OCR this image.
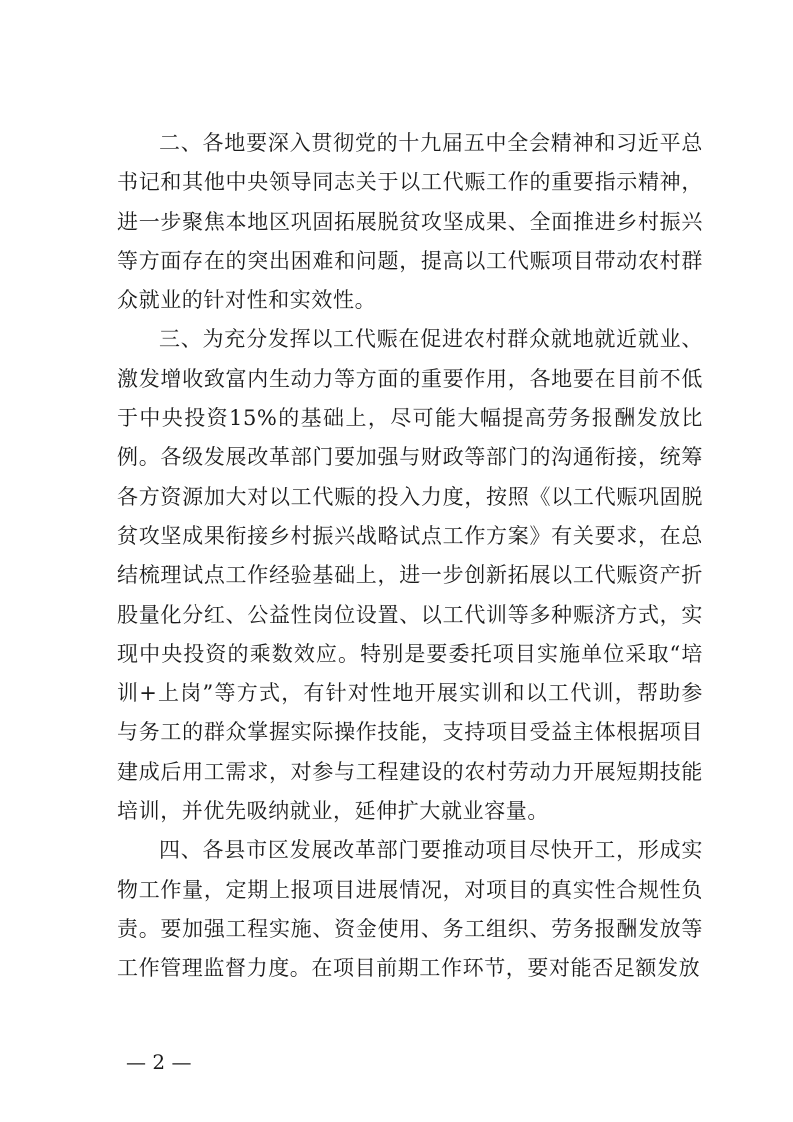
二、各地要深入贯彻党的十九届五中全会精神和习近平总书记和其他中央领导同志关于以工代赈工作的重要指示精神，进一步聚焦本地区巩固拓展脱贫攻坚成果、全面推进乡村振兴等方面存在的突出困难和问题，提高以工代赈项目带动农村群众就业的针对性和实效性。

三、为充分发挥以工代赈在促进农村群众就地就近就业、激发增收致富内生动力等方面的重要作用，各地要在目前不低于中央投资15%的基础上，尽可能大幅提高劳务报酬发放比例。各级发展改革部门要加强与财政等部门的沟通衔接，统筹各方资源加大对以工代赈的投入力度，按照《以工代赈巩固脱贫攻坚成果衔接乡村振兴战略试点工作方案》有关要求，在总结梳理试点工作经验基础上，进一步创新拓展以工代赈资产折股量化分红、公益性岗位设置、以工代训等多种赈济方式，实现中央投资的乘数效应。特别是要委托项目实施单位采取“培训+上岗”等方式，有针对性地开展实训和以工代训，帮助参与务工的群众掌握实际操作技能，支持项目受益主体根据项目建成后用工需求，对参与工程建设的农村劳动力开展短期技能培训，并优先吸纳就业，延伸扩大就业容量。

四、各县市区发展改革部门要推动项目尽快开工，形成实物工作量，定期上报项目进展情况，对项目的真实性合规性负责。要加强工程实施、资金使用、务工组织、劳务报酬发放等工作管理监督力度。在项目前期工作环节，要对能否足额发放

— 2 —
